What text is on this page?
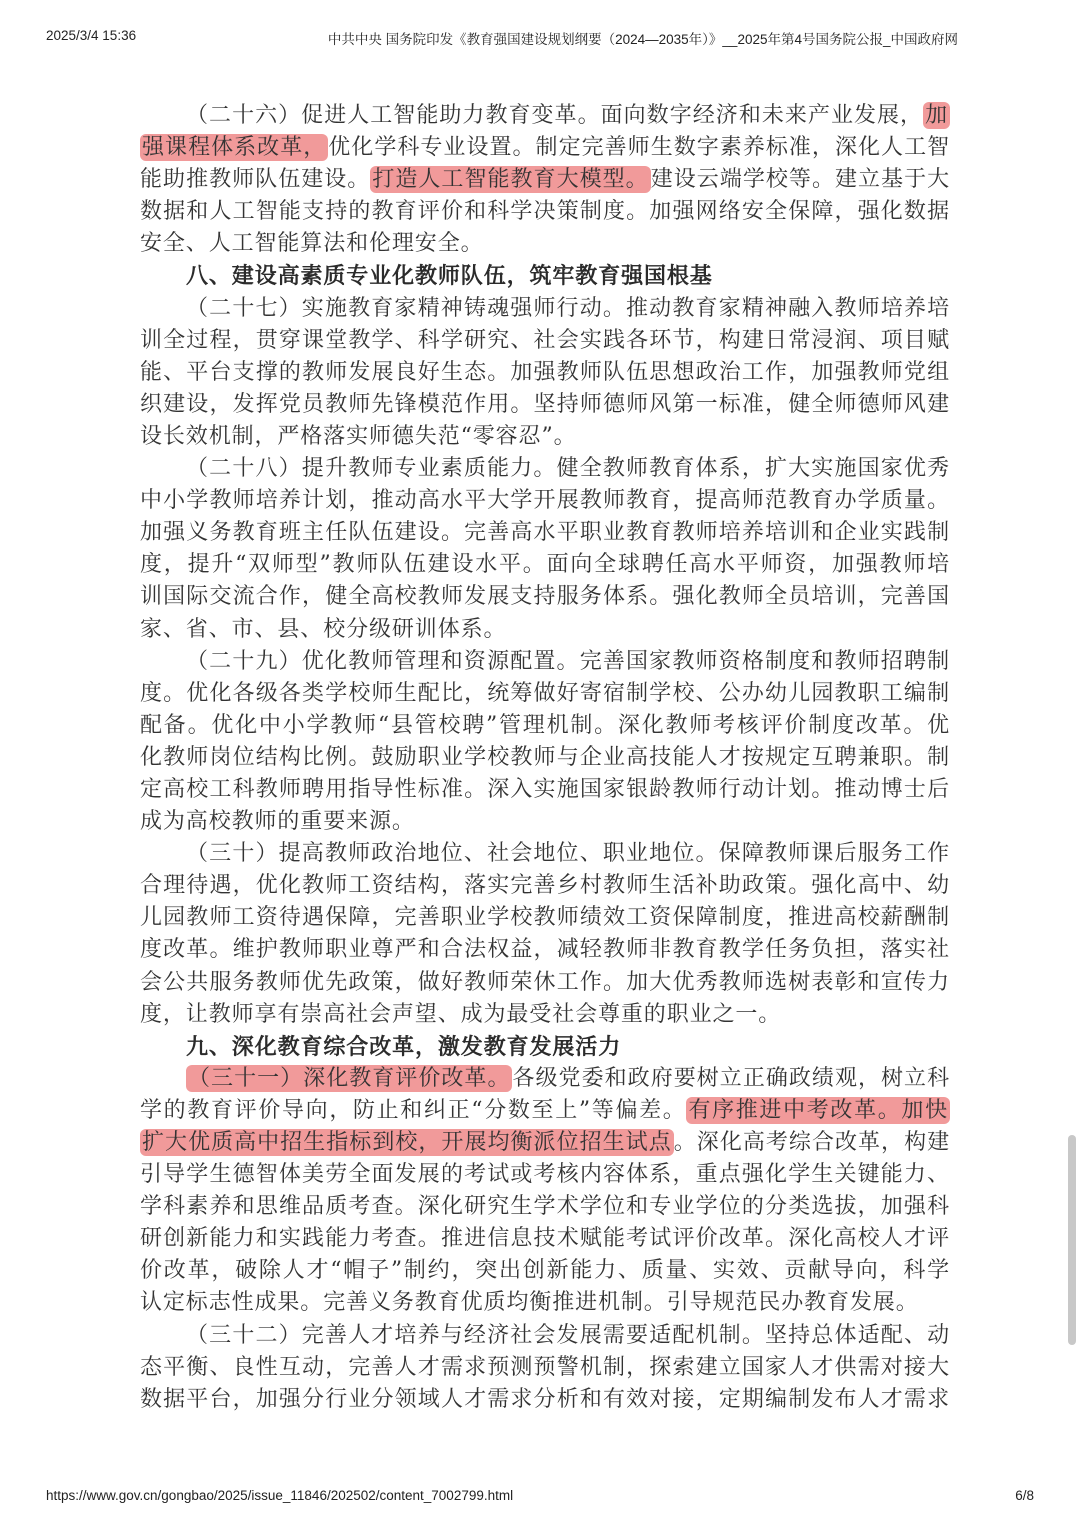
2025/3/4 15:36	中共中央 国务院印发《教育强国建设规划纲要（2024—2035年）》__2025年第4号国务院公报_中国政府网
（二十六）促进人工智能助力教育变革。面向数字经济和未来产业发展，加
强课程体系改革，优化学科专业设置。制定完善师生数字素养标准，深化人工智
能助推教师队伍建设。打造人工智能教育大模型。建设云端学校等。建立基于大
数据和人工智能支持的教育评价和科学决策制度。加强网络安全保障，强化数据
安全、人工智能算法和伦理安全。
八、建设高素质专业化教师队伍，筑牢教育强国根基
（二十七）实施教育家精神铸魂强师行动。推动教育家精神融入教师培养培
训全过程，贯穿课堂教学、科学研究、社会实践各环节，构建日常浸润、项目赋
能、平台支撑的教师发展良好生态。加强教师队伍思想政治工作，加强教师党组
织建设，发挥党员教师先锋模范作用。坚持师德师风第一标准，健全师德师风建
设长效机制，严格落实师德失范“零容忍”。
（二十八）提升教师专业素质能力。健全教师教育体系，扩大实施国家优秀
中小学教师培养计划，推动高水平大学开展教师教育，提高师范教育办学质量。
加强义务教育班主任队伍建设。完善高水平职业教育教师培养培训和企业实践制
度，提升“双师型”教师队伍建设水平。面向全球聘任高水平师资，加强教师培
训国际交流合作，健全高校教师发展支持服务体系。强化教师全员培训，完善国
家、省、市、县、校分级研训体系。
（二十九）优化教师管理和资源配置。完善国家教师资格制度和教师招聘制
度。优化各级各类学校师生配比，统筹做好寄宿制学校、公办幼儿园教职工编制
配备。优化中小学教师“县管校聘”管理机制。深化教师考核评价制度改革。优
化教师岗位结构比例。鼓励职业学校教师与企业高技能人才按规定互聘兼职。制
定高校工科教师聘用指导性标准。深入实施国家银龄教师行动计划。推动博士后
成为高校教师的重要来源。
（三十）提高教师政治地位、社会地位、职业地位。保障教师课后服务工作
合理待遇，优化教师工资结构，落实完善乡村教师生活补助政策。强化高中、幼
儿园教师工资待遇保障，完善职业学校教师绩效工资保障制度，推进高校薪酬制
度改革。维护教师职业尊严和合法权益，减轻教师非教育教学任务负担，落实社
会公共服务教师优先政策，做好教师荣休工作。加大优秀教师选树表彰和宣传力
度，让教师享有崇高社会声望、成为最受社会尊重的职业之一。
九、深化教育综合改革，激发教育发展活力
（三十一）深化教育评价改革。各级党委和政府要树立正确政绩观，树立科
学的教育评价导向，防止和纠正“分数至上”等偏差。有序推进中考改革。加快
扩大优质高中招生指标到校，开展均衡派位招生试点。深化高考综合改革，构建
引导学生德智体美劳全面发展的考试或考核内容体系，重点强化学生关键能力、
学科素养和思维品质考查。深化研究生学术学位和专业学位的分类选拔，加强科
研创新能力和实践能力考查。推进信息技术赋能考试评价改革。深化高校人才评
价改革，破除人才“帽子”制约，突出创新能力、质量、实效、贡献导向，科学
认定标志性成果。完善义务教育优质均衡推进机制。引导规范民办教育发展。
（三十二）完善人才培养与经济社会发展需要适配机制。坚持总体适配、动
态平衡、良性互动，完善人才需求预测预警机制，探索建立国家人才供需对接大
数据平台，加强分行业分领域人才需求分析和有效对接，定期编制发布人才需求
https://www.gov.cn/gongbao/2025/issue_11846/202502/content_7002799.html	6/8
